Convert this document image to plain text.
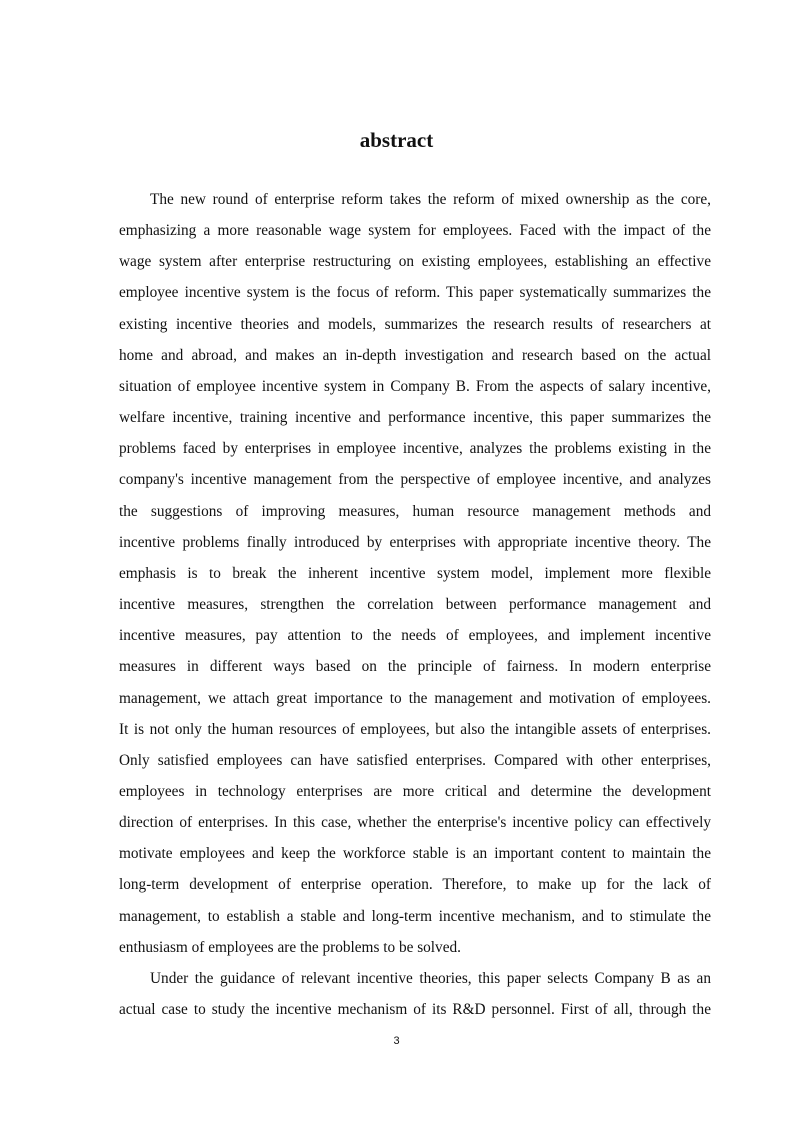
abstract
The new round of enterprise reform takes the reform of mixed ownership as the core,
emphasizing a more reasonable wage system for employees. Faced with the impact of the
wage system after enterprise restructuring on existing employees, establishing an effective
employee incentive system is the focus of reform. This paper systematically summarizes the
existing incentive theories and models, summarizes the research results of researchers at
home and abroad, and makes an in-depth investigation and research based on the actual
situation of employee incentive system in Company B. From the aspects of salary incentive,
welfare incentive, training incentive and performance incentive, this paper summarizes the
problems faced by enterprises in employee incentive, analyzes the problems existing in the
company's incentive management from the perspective of employee incentive, and analyzes
the suggestions of improving measures, human resource management methods and
incentive problems finally introduced by enterprises with appropriate incentive theory. The
emphasis is to break the inherent incentive system model, implement more flexible
incentive measures, strengthen the correlation between performance management and
incentive measures, pay attention to the needs of employees, and implement incentive
measures in different ways based on the principle of fairness. In modern enterprise
management, we attach great importance to the management and motivation of employees.
It is not only the human resources of employees, but also the intangible assets of enterprises.
Only satisfied employees can have satisfied enterprises. Compared with other enterprises,
employees in technology enterprises are more critical and determine the development
direction of enterprises. In this case, whether the enterprise's incentive policy can effectively
motivate employees and keep the workforce stable is an important content to maintain the
long-term development of enterprise operation. Therefore, to make up for the lack of
management, to establish a stable and long-term incentive mechanism, and to stimulate the
enthusiasm of employees are the problems to be solved.
Under the guidance of relevant incentive theories, this paper selects Company B as an
actual case to study the incentive mechanism of its R&D personnel. First of all, through the
3
